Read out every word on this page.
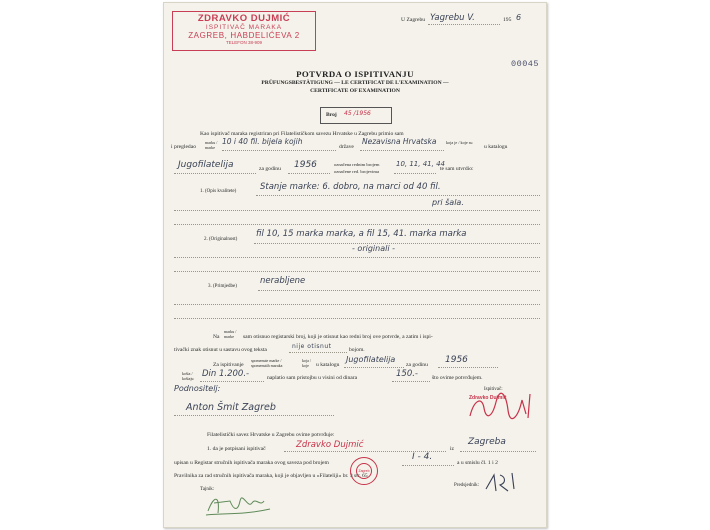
ZDRAVKO DUJMIĆ
ISPITIVAČ MARAKA
ZAGREB, HABDELIĆEVA 2
TELEFON 38-909
U Zagrebu Yagrebu V.	195 6
00045
POTVRDA O ISPITIVANJU
PRÜFUNGSBESTÄTIGUNG — LE CERTIFICAT DE L'EXAMINATION —
CERTIFICATE OF EXAMINATION
Broj 45 /1956
Kao ispitivač maraka registriran pri Filatelističkom savezu Hrvatske u Zagrebu primio sam
i pregledao
marku / marke
10 i 40 fil. bijela kojih
države
Nezavisna Hrvatska koja je / koje su
u katalogu
Jugofilatelija	za godinu 1956	označena rednim brojem
označene red. brojevima
10, 11, 41, 44
te sam utvrdio:
1. (Opis kvalitete)	Stanje marke: 6. dobro, na marci od 40 fil.
pri šala.
2. (Originalnost)
fil 10, 15 marka marka, a fil 15, 41. marka marka
- originali -
3. (Primjedbe)
nerabljene
Na
marku / marke	sam otisnuo registarski broj, koji je otisnut kao redni broj ove potvrde, a zatim i ispi-
tivački znak otisnut u sastavu ovog teksta	nije otisnut	bojom.
Za ispitivanje
spomenute marke / spomenutih maraka
koja / koje	u katalogu
Jugofilatelija
za godinu 1956
košta / koštaju Din 1.200.-	naplatio sam pristojbu u visini od dinara	150.-	što ovime potvrđujem.
Podnositelj:	Ispitivač:
Anton Šmit Zagreb
Zdravko Dujmić
Filatelistički savez Hrvatske u Zagrebu ovime potvrđuje:
1. da je potpisani ispitivač	Zdravko Dujmić	iz
Zagreba
upisan u Registar stručnih ispitivača maraka ovog saveza pod brojem
I - 4.
a u smislu čl. 1 i 2
Pravilnika za rad stručnih ispitivača maraka, koji je objavljen u »Filateliji« br. 3 str. 65
Tajnik:
Predsjednik:
Zagreb
